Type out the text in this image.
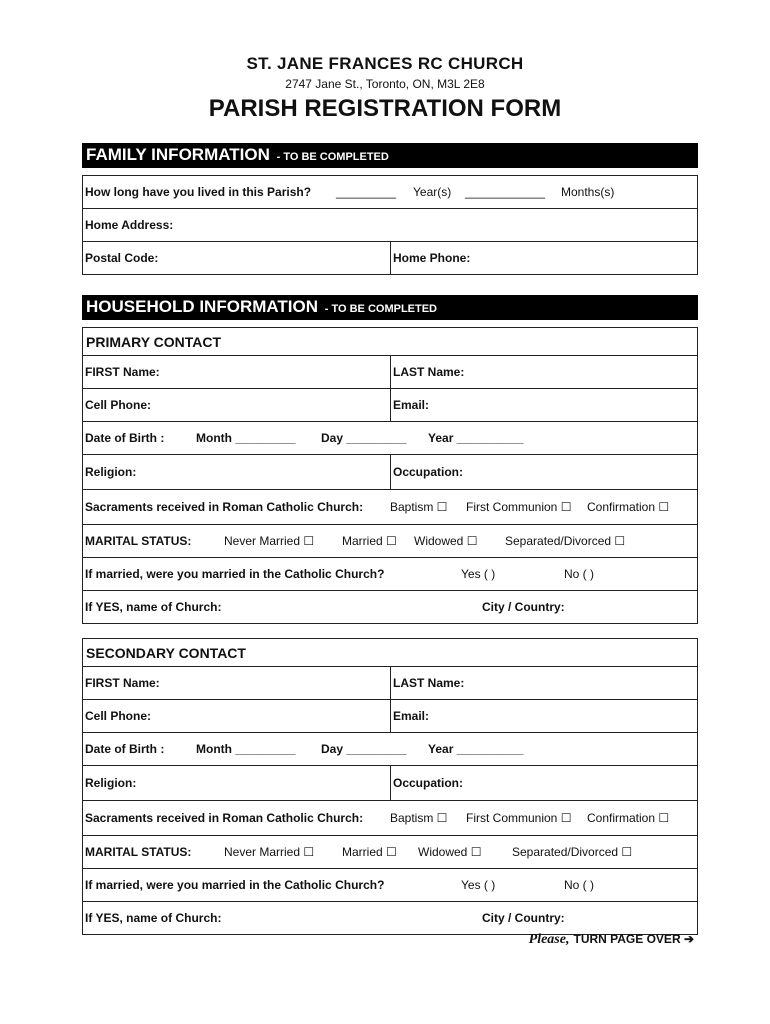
ST. JANE FRANCES RC CHURCH
2747 Jane St., Toronto, ON, M3L 2E8
PARISH REGISTRATION FORM
FAMILY INFORMATION - TO BE COMPLETED
How long have you lived in this Parish? _________ Year(s) ____________ Months(s)
Home Address:
Postal Code:	Home Phone:
HOUSEHOLD INFORMATION - TO BE COMPLETED
PRIMARY CONTACT
FIRST Name:	LAST Name:
Cell Phone:	Email:
Date of Birth :	Month _________ Day _________ Year __________
Religion:	Occupation:
Sacraments received in Roman Catholic Church: Baptism ☐ First Communion ☐ Confirmation ☐
MARITAL STATUS:	Never Married ☐ Married ☐ Widowed ☐ Separated/Divorced ☐
If married, were you married in the Catholic Church?	Yes ( )	No ( )
If YES, name of Church:	City / Country:
SECONDARY CONTACT
FIRST Name:	LAST Name:
Cell Phone:	Email:
Date of Birth :	Month _________ Day _________ Year __________
Religion:	Occupation:
Sacraments received in Roman Catholic Church: Baptism ☐ First Communion ☐ Confirmation ☐
MARITAL STATUS:	Never Married ☐ Married ☐ Widowed ☐	Separated/Divorced ☐
If married, were you married in the Catholic Church?	Yes ( )	No ( )
If YES, name of Church:	City / Country:
Please, TURN PAGE OVER ➔
